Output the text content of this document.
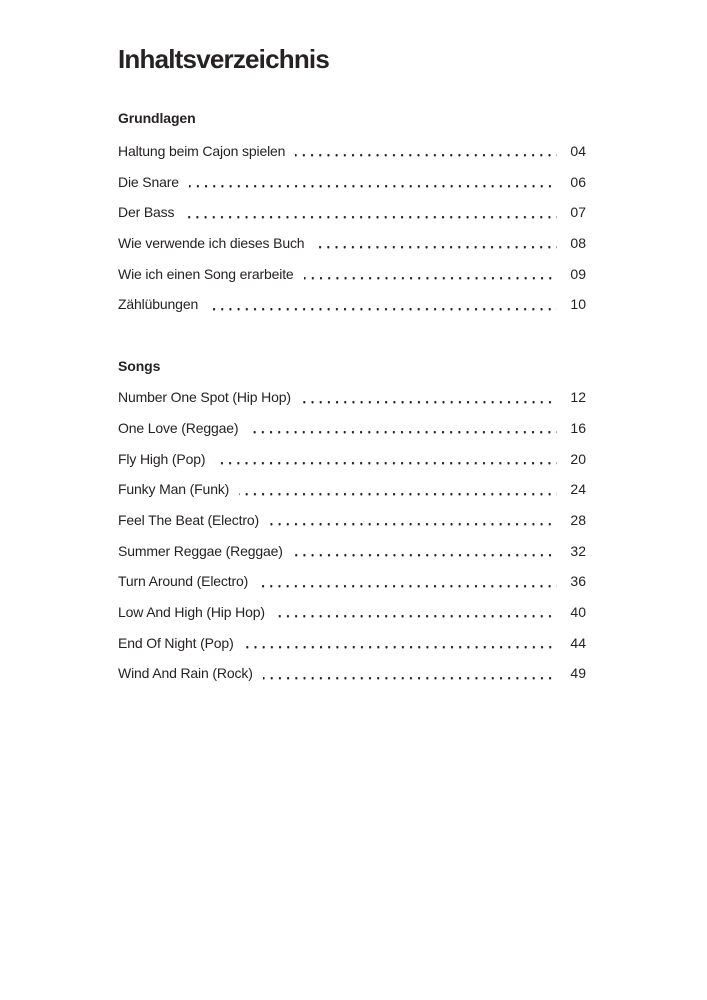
Inhaltsverzeichnis
Grundlagen
Haltung beim Cajon spielen	04
Die Snare	06
Der Bass	07
Wie verwende ich dieses Buch	08
Wie ich einen Song erarbeite	09
Zählübungen	10
Songs
Number One Spot (Hip Hop)	12
One Love (Reggae)	16
Fly High (Pop)	20
Funky Man (Funk)	24
Feel The Beat (Electro)	28
Summer Reggae (Reggae)	32
Turn Around (Electro)	36
Low And High (Hip Hop)	40
End Of Night (Pop)	44
Wind And Rain (Rock)	49
